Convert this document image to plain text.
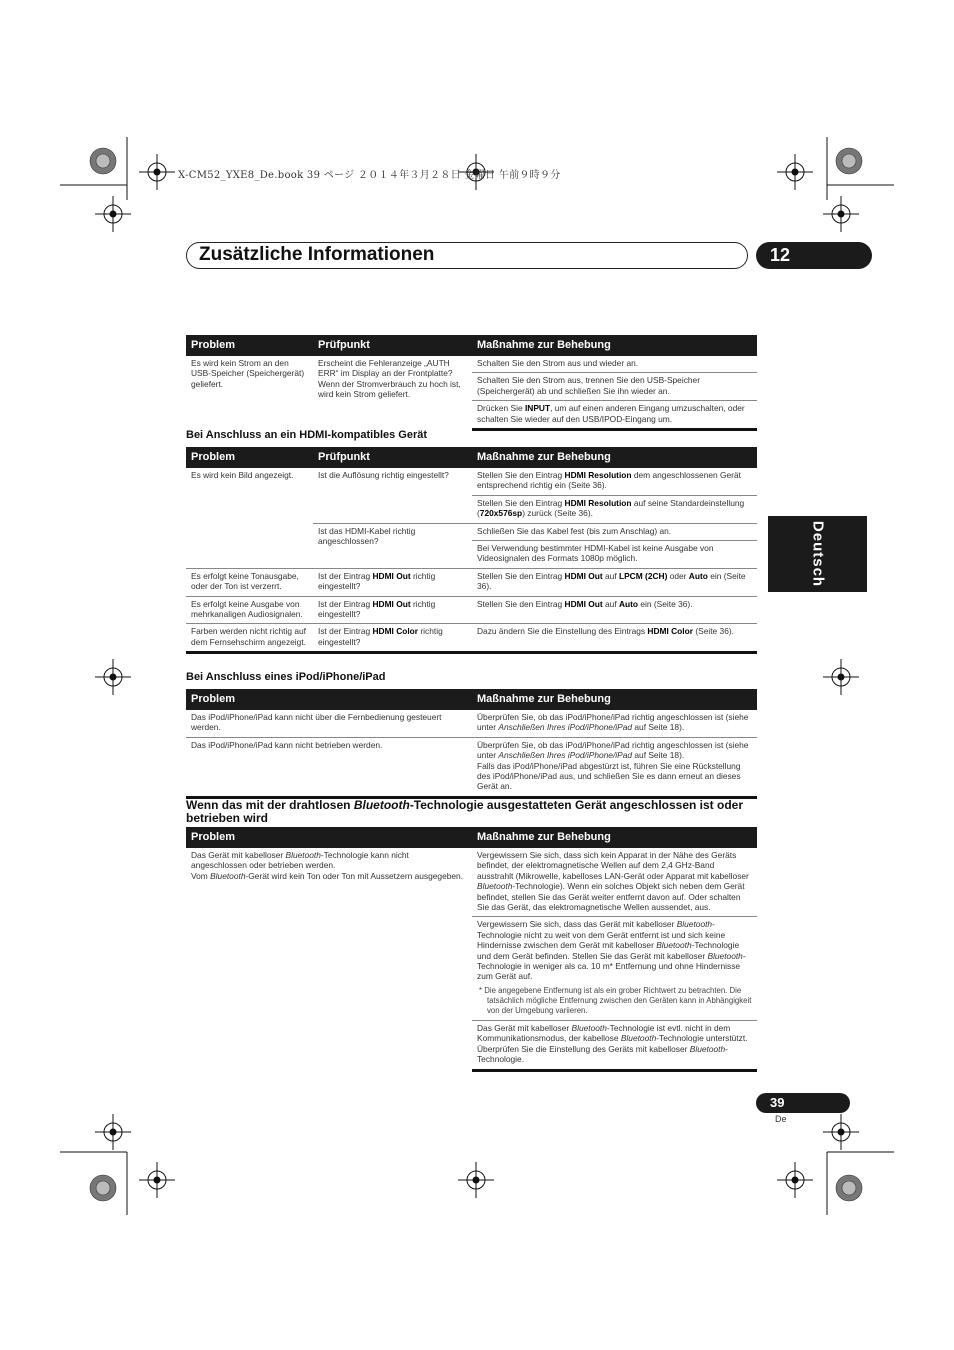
X-CM52_YXE8_De.book 39 ページ ２０１４年３月２８日 金曜日 午前９時９分
Zusätzliche Informationen	12
Deutsch
Problem	Prüfpunkt	Maßnahme zur Behebung
Es wird kein Strom an den USB-Speicher (Speichergerät) geliefert.	Erscheint die Fehleranzeige „AUTH ERR“ im Display an der Frontplatte? Wenn der Stromverbrauch zu hoch ist, wird kein Strom geliefert.	Schalten Sie den Strom aus und wieder an.
		Schalten Sie den Strom aus, trennen Sie den USB-Speicher (Speichergerät) ab und schließen Sie ihn wieder an.
		Drücken Sie INPUT, um auf einen anderen Eingang umzuschalten, oder schalten Sie wieder auf den USB/IPOD-Eingang um.
Bei Anschluss an ein HDMI-kompatibles Gerät
Problem	Prüfpunkt	Maßnahme zur Behebung
Es wird kein Bild angezeigt.	Ist die Auflösung richtig eingestellt?	Stellen Sie den Eintrag HDMI Resolution dem angeschlossenen Gerät entsprechend richtig ein (Seite 36).
		Stellen Sie den Eintrag HDMI Resolution auf seine Standardeinstellung (720x576sp) zurück (Seite 36).
	Ist das HDMI-Kabel richtig angeschlossen?	Schließen Sie das Kabel fest (bis zum Anschlag) an.
		Bei Verwendung bestimmter HDMI-Kabel ist keine Ausgabe von Videosignalen des Formats 1080p möglich.
Es erfolgt keine Tonausgabe, oder der Ton ist verzerrt.	Ist der Eintrag HDMI Out richtig eingestellt?	Stellen Sie den Eintrag HDMI Out auf LPCM (2CH) oder Auto ein (Seite 36).
Es erfolgt keine Ausgabe von mehrkanaligen Audiosignalen.	Ist der Eintrag HDMI Out richtig eingestellt?	Stellen Sie den Eintrag HDMI Out auf Auto ein (Seite 36).
Farben werden nicht richtig auf dem Fernsehschirm angezeigt.	Ist der Eintrag HDMI Color richtig eingestellt?	Dazu ändern Sie die Einstellung des Eintrags HDMI Color (Seite 36).
Bei Anschluss eines iPod/iPhone/iPad
Problem	Maßnahme zur Behebung
Das iPod/iPhone/iPad kann nicht über die Fernbedienung gesteuert werden.	Überprüfen Sie, ob das iPod/iPhone/iPad richtig angeschlossen ist (siehe unter Anschließen Ihres iPod/iPhone/iPad auf Seite 18).
Das iPod/iPhone/iPad kann nicht betrieben werden.	Überprüfen Sie, ob das iPod/iPhone/iPad richtig angeschlossen ist (siehe unter Anschließen Ihres iPod/iPhone/iPad auf Seite 18).
Falls das iPod/iPhone/iPad abgestürzt ist, führen Sie eine Rückstellung des iPod/iPhone/iPad aus, und schließen Sie es dann erneut an dieses Gerät an.
Wenn das mit der drahtlosen Bluetooth-Technologie ausgestatteten Gerät angeschlossen ist oder betrieben wird
Problem	Maßnahme zur Behebung
Das Gerät mit kabelloser Bluetooth-Technologie kann nicht angeschlossen oder betrieben werden.
Vom Bluetooth-Gerät wird kein Ton oder Ton mit Aussetzern ausgegeben.	Vergewissern Sie sich, dass sich kein Apparat in der Nähe des Geräts befindet, der elektromagnetische Wellen auf dem 2,4 GHz-Band ausstrahlt (Mikrowelle, kabelloses LAN-Gerät oder Apparat mit kabelloser Bluetooth-Technologie). Wenn ein solches Objekt sich neben dem Gerät befindet, stellen Sie das Gerät weiter entfernt davon auf. Oder schalten Sie das Gerät, das elektromagnetische Wellen aussendet, aus.
	Vergewissern Sie sich, dass das Gerät mit kabelloser Bluetooth-Technologie nicht zu weit von dem Gerät entfernt ist und sich keine Hindernisse zwischen dem Gerät mit kabelloser Bluetooth-Technologie und dem Gerät befinden. Stellen Sie das Gerät mit kabelloser Bluetooth-Technologie in weniger als ca. 10 m* Entfernung und ohne Hindernisse zum Gerät auf.
* Die angegebene Entfernung ist als ein grober Richtwert zu betrachten. Die tatsächlich mögliche Entfernung zwischen den Geräten kann in Abhängigkeit von der Umgebung variieren.

	Das Gerät mit kabelloser Bluetooth-Technologie ist evtl. nicht in dem Kommunikationsmodus, der kabellose Bluetooth-Technologie unterstützt. Überprüfen Sie die Einstellung des Geräts mit kabelloser Bluetooth-Technologie.
39
De
